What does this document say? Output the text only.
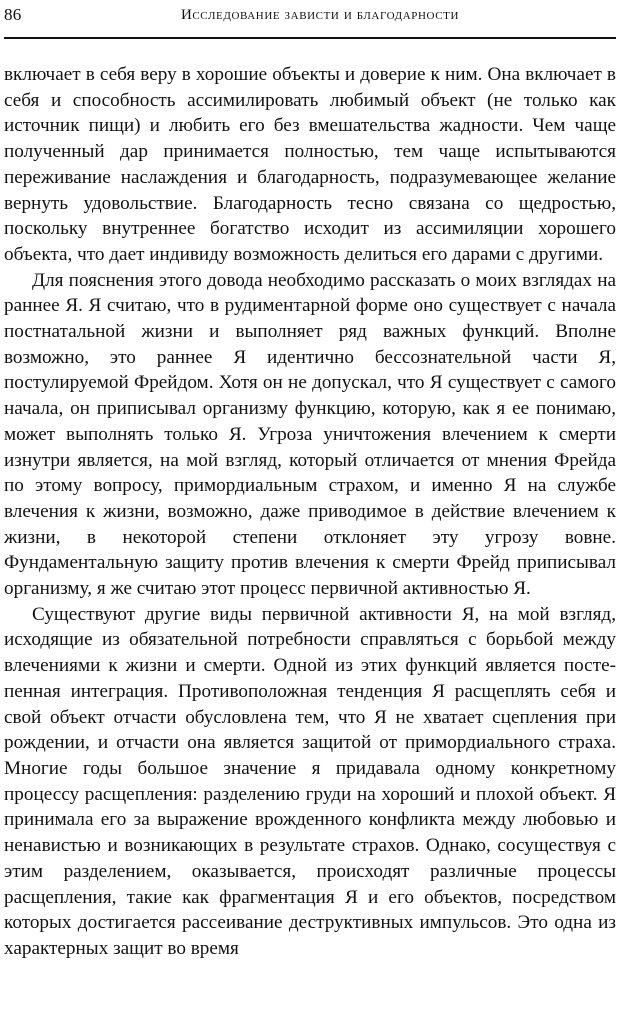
86	Исследование зависти и благодарности

включает в себя веру в хорошие объекты и доверие к ним. Она включает в себя и способность ассимилировать любимый объект (не только как источник пищи) и любить его без вмешательства жадности. Чем чаще полученный дар принимается полностью, тем чаще испытываются переживание наслаждения и благодарность, подразумевающее желание вернуть удовольствие. Благодарность тесно связана со щедростью, поскольку внутреннее богатство исходит из ассимиляции хорошего объекта, что дает индивиду возможность делиться его дарами с другими.

Для пояснения этого довода необходимо рассказать о моих взглядах на раннее Я. Я считаю, что в рудиментарной форме оно существует с начала постнатальной жизни и выполняет ряд важных функций. Вполне возможно, это раннее Я идентично бессознательной части Я, постулируемой Фрейдом. Хотя он не допускал, что Я существует с самого начала, он приписывал организму функцию, которую, как я ее понимаю, может выполнять только Я. Угроза уничтожения влечением к смерти изнутри является, на мой взгляд, который отличается от мнения Фрейда по этому вопросу, примордиальным страхом, и именно Я на службе влечения к жизни, возможно, даже приводимое в действие влечением к жизни, в некоторой степени отклоняет эту угрозу вовне. Фундаментальную защиту против влечения к смерти Фрейд приписывал организму, я же считаю этот процесс первичной активностью Я.

Существуют другие виды первичной активности Я, на мой взгляд, исходящие из обязательной потребности справляться с борьбой между влечениями к жизни и смерти. Одной из этих функций является постепенная интеграция. Противоположная тенденция Я расщеплять себя и свой объект отчасти обусловлена тем, что Я не хватает сцепления при рождении, и отчасти она является защитой от примордиального страха. Многие годы большое значение я придавала одному конкретному процессу расщепления: разделению груди на хороший и плохой объект. Я принимала его за выражение врожденного конфликта между любовью и ненавистью и возникающих в результате страхов. Однако, сосуществуя с этим разделением, оказывается, происходят различные процессы расщепления, такие как фрагментация Я и его объектов, посредством которых достигается рассеивание деструктивных импульсов. Это одна из характерных защит во время
